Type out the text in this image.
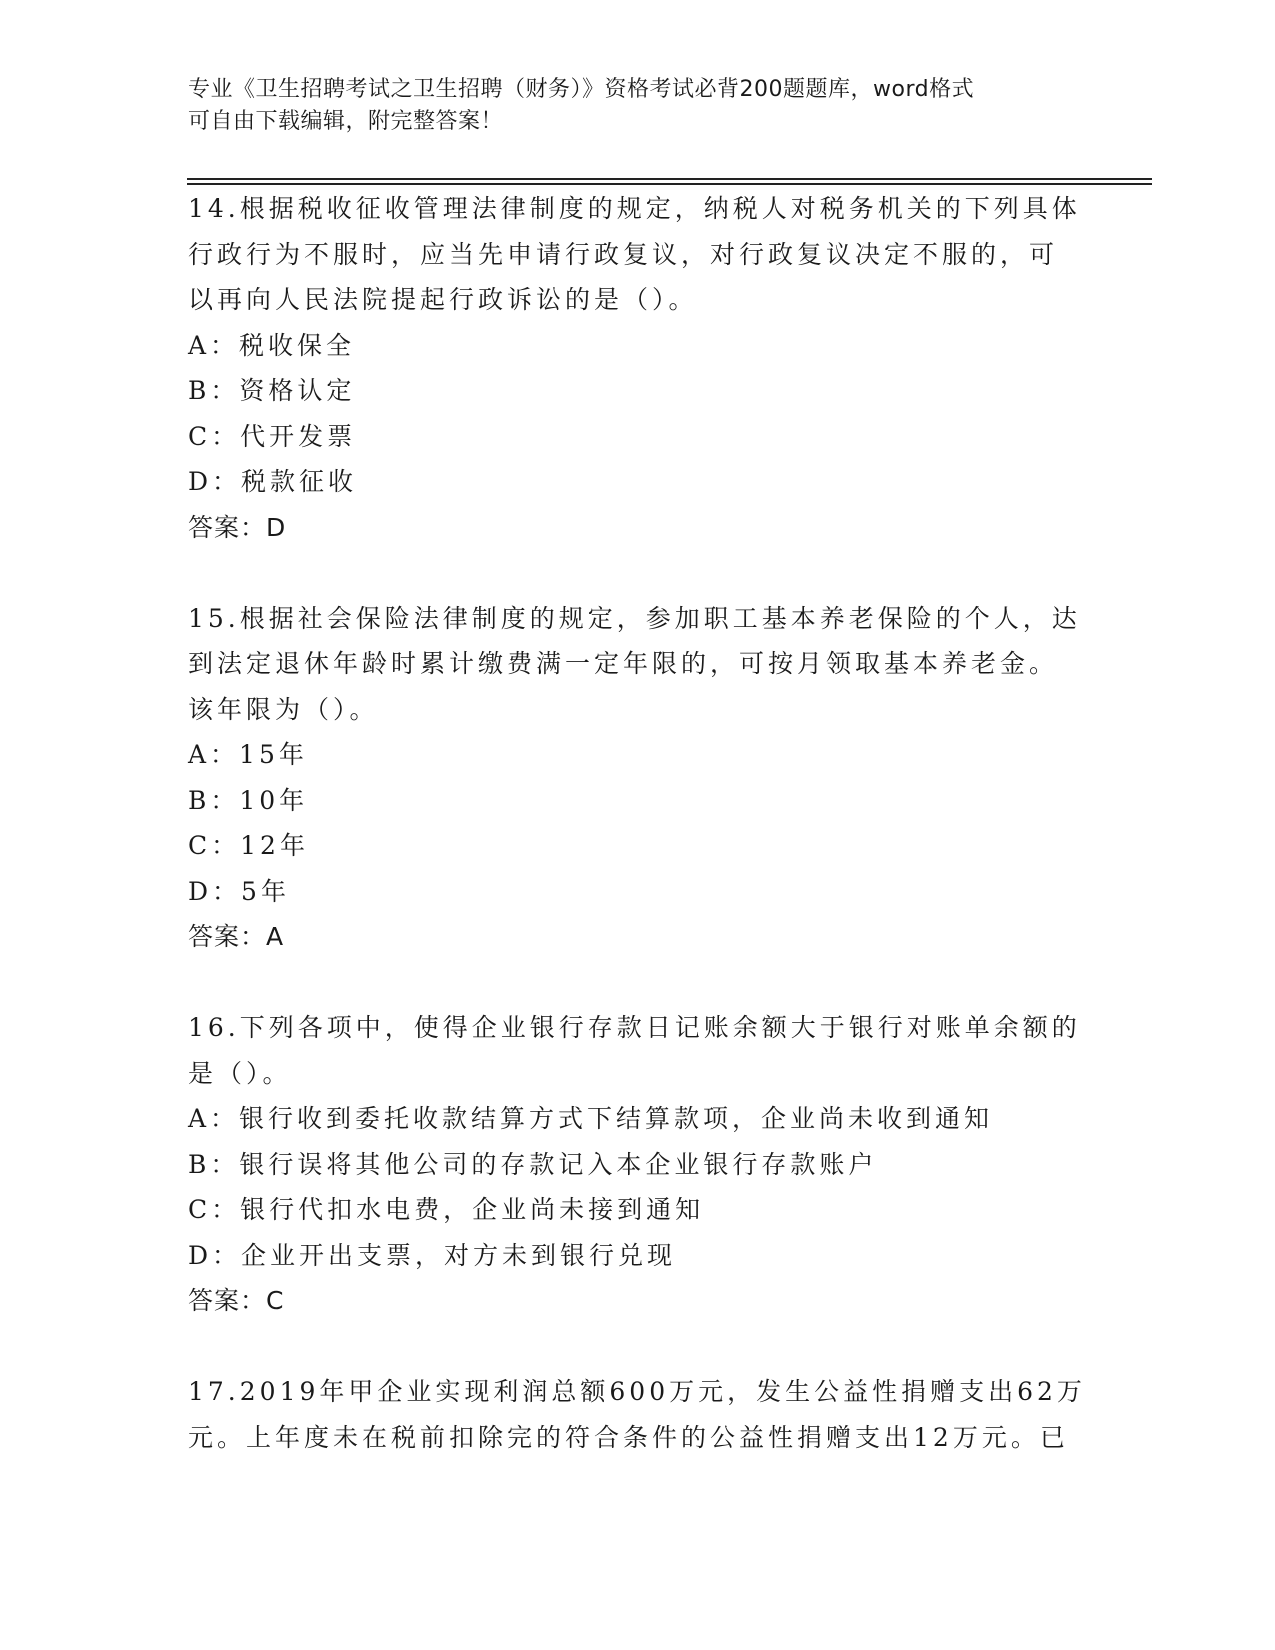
专业《卫生招聘考试之卫生招聘（财务）》资格考试必背200题题库，word格式
可自由下载编辑，附完整答案！
14.根据税收征收管理法律制度的规定，纳税人对税务机关的下列具体
行政行为不服时，应当先申请行政复议，对行政复议决定不服的，可
以再向人民法院提起行政诉讼的是（）。
A：税收保全
B：资格认定
C：代开发票
D：税款征收
答案：D
15.根据社会保险法律制度的规定，参加职工基本养老保险的个人，达
到法定退休年龄时累计缴费满一定年限的，可按月领取基本养老金。
该年限为（）。
A：15年
B：10年
C：12年
D：5年
答案：A
16.下列各项中，使得企业银行存款日记账余额大于银行对账单余额的
是（）。
A：银行收到委托收款结算方式下结算款项，企业尚未收到通知
B：银行误将其他公司的存款记入本企业银行存款账户
C：银行代扣水电费，企业尚未接到通知
D：企业开出支票，对方未到银行兑现
答案：C
17.2019年甲企业实现利润总额600万元，发生公益性捐赠支出62万
元。上年度未在税前扣除完的符合条件的公益性捐赠支出12万元。已
